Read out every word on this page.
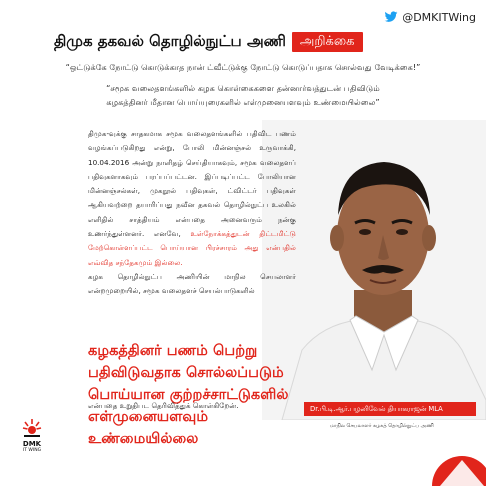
@DMKITWing
திமுக தகவல் தொழில்நுட்ப அணி	அறிக்கை
“ஒட்டுக்கே நோட்டு கொடுக்காத நான் ட்வீட்டுக்கு நோட்டு கொடுப்பதாக சொல்வது வேடிக்கை!”
“சமூக வலைதளங்களில் கழக கொள்கைகளை தன்னார்வத்துடன் பதிவிடும்
கழகத்தினர் மீதான பொய்யுரைகளில் எள்முனையளவும் உண்மையில்லை”

திமுக-வுக்கு சாதகமாக சமூக வலைதளங்களில் பதிவிட பணம் வழங்கப்படுகிறது என்று, போலி மின்னஞ்சல் உருவாக்கி, 10.04.2016 அன்று நாளிதழ் செய்தியாகவும், சமூக வலைதளப் பதிவுகளாகவும் பரப்பப்பட்டன. இப்படிப்பட்ட போலியான மின்னஞ்சல்கள், முகநூல் பதிவுகள், ட்விட்டர் பதிவுகள் ஆகியவற்றை தயாரிப்பது நவீன தகவல் தொழில்நுட்ப உலகில் எளிதில் சாத்தியம் என்பதை அனைவரும் நன்கு உணர்ந்துள்ளனர். எனவே, உள்நோக்கத்துடன் திட்டமிட்டு மேற்கொள்ளப்பட்ட பொய்யான பிரச்சாரம் அது என்பதில் எவ்வித சந்தேகமும் இல்லை.

கழக தொழில்நுட்ப அணியின் மாநில செயலாளர் என்றமுறையில், சமூக வலைதளச் செயல்பாடுகளில்

கழகத்தினர் பணம் பெற்று பதிவிடுவதாக சொல்லப்படும் பொய்யான குற்றச்சாட்டுகளில் எள்முனையளவும் உண்மையில்லை
என்பதை உறுதிபட தெரிவித்துக் கொள்கிறேன்.	Dr.பி.டி.ஆர்.பழனிவேல் தியாகராஜன் MLA
மாநில செயலாளர் கழகத் தொழில்நுட்ப அணி
DMK
IT WING
